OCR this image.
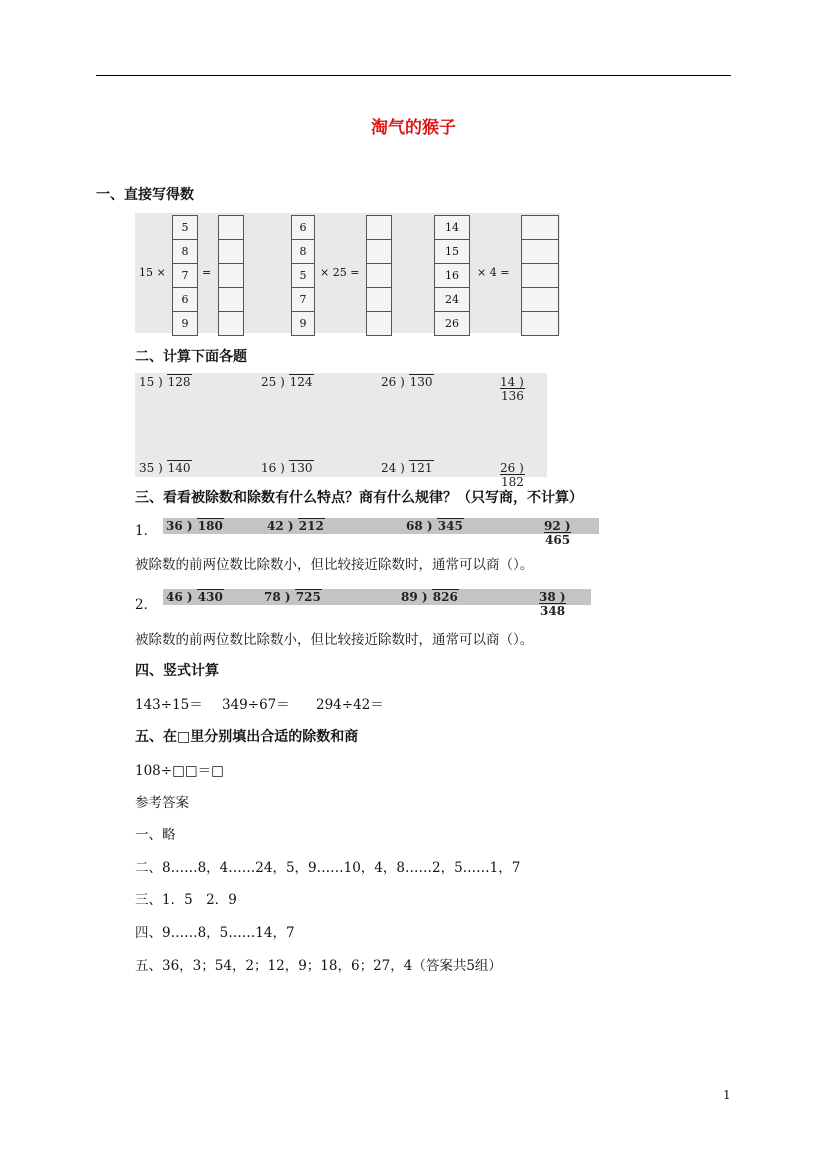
淘气的猴子
一、直接写得数
15 ×
5
8
7
6
9
=
6
8
5
7
9
× 25 =
14
15
16
24
26
× 4 =
二、计算下面各题
15 ) 128	25 ) 124	26 ) 130	14 ) 136
35 ) 140	16 ) 130	24 ) 121	26 ) 182
三、看看被除数和除数有什么特点？商有什么规律？（只写商，不计算）
1． 36 ) 180	42 ) 212	68 ) 345	92 ) 465
被除数的前两位数比除数小，但比较接近除数时，通常可以商（）。
2． 46 ) 430	78 ) 725	89 ) 826	38 ) 348
被除数的前两位数比除数小，但比较接近除数时，通常可以商（）。
四、竖式计算
143÷15＝ 349÷67＝ 294÷42＝
五、在□里分别填出合适的除数和商
108÷□□＝□
参考答案
一、略
二、8……8，4……24，5，9……10，4，8……2，5……1，7
三、1．5　2．9
四、9……8，5……14，7
五、36，3；54，2；12，9；18，6；27，4（答案共5组）
1
